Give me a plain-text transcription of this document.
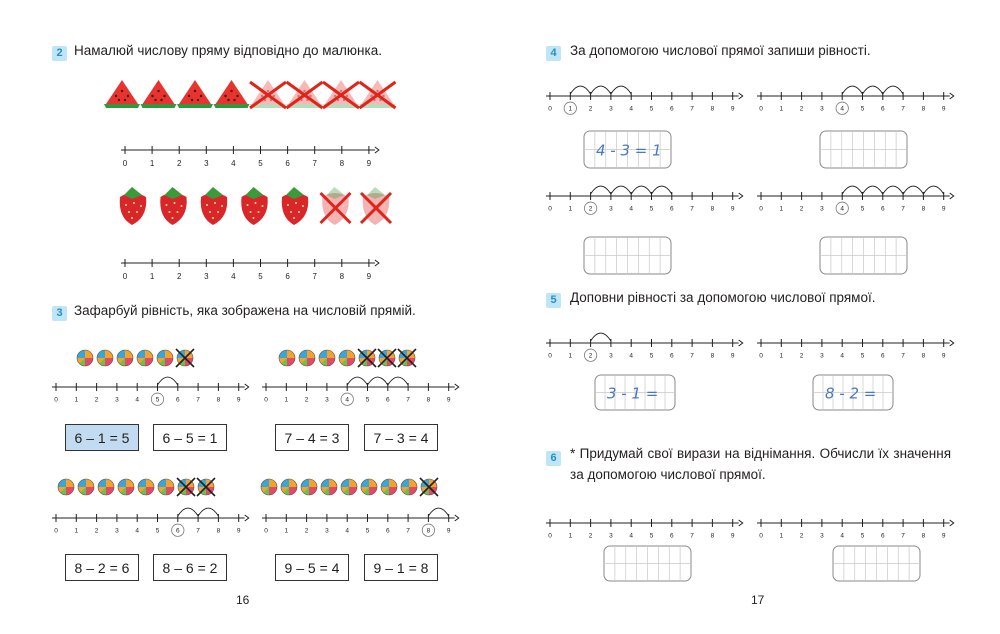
2 Намалюй числову пряму відповідно до малюнка.
0	1	2	3	4	5	6	7	8	9
0	1	2	3	4	5	6	7	8	9
0	1	2	3	4	5	6	7	8	9	0	1	2	3	4	5	6	7	8	9
0	1	2	3	4	5	6	7	8	9	0	1	2	3	4	5	6	7	8	9
3 Зафарбуй рівність, яка зображена на числовій прямій.
6 – 1 = 5	6 – 5 = 1	7 – 4 = 3	7 – 3 = 4
8 – 2 = 6	8 – 6 = 2	9 – 5 = 4	9 – 1 = 8
16
4 За допомогою числової прямої запиши рівності.
5 Доповни рівності за допомогою числової прямої.
6 * Придумай свої вирази на віднімання. Обчисли їх значення за допомогою числової прямої.
0	1	2	3	4	5	6	7	8	9
4 - 3 = 1
0	1	2	3	4	5	6	7	8	9
0	1	2	3	4	5	6	7	8	9	0	1	2	3	4	5	6	7	8	9
0	1	2	3	4	5	6	7	8	9
3 - 1 =
0	1	2	3	4	5	6	7	8	9
8 - 2 =
0	1	2	3	4	5	6	7	8	9	0	1	2	3	4	5	6	7	8	9
17
